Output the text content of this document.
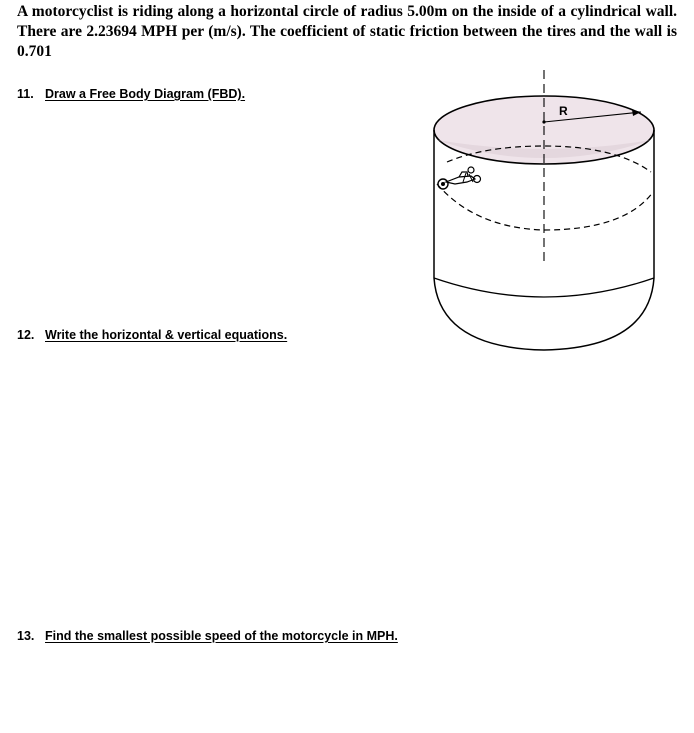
A motorcyclist is riding along a horizontal circle of radius 5.00m on the inside of a cylindrical wall. There are 2.23694 MPH per (m/s). The coefficient of static friction between the tires and the wall is 0.701

11. Draw a Free Body Diagram (FBD).
12. Write the horizontal & vertical equations.
13. Find the smallest possible speed of the motorcycle in MPH.
R
